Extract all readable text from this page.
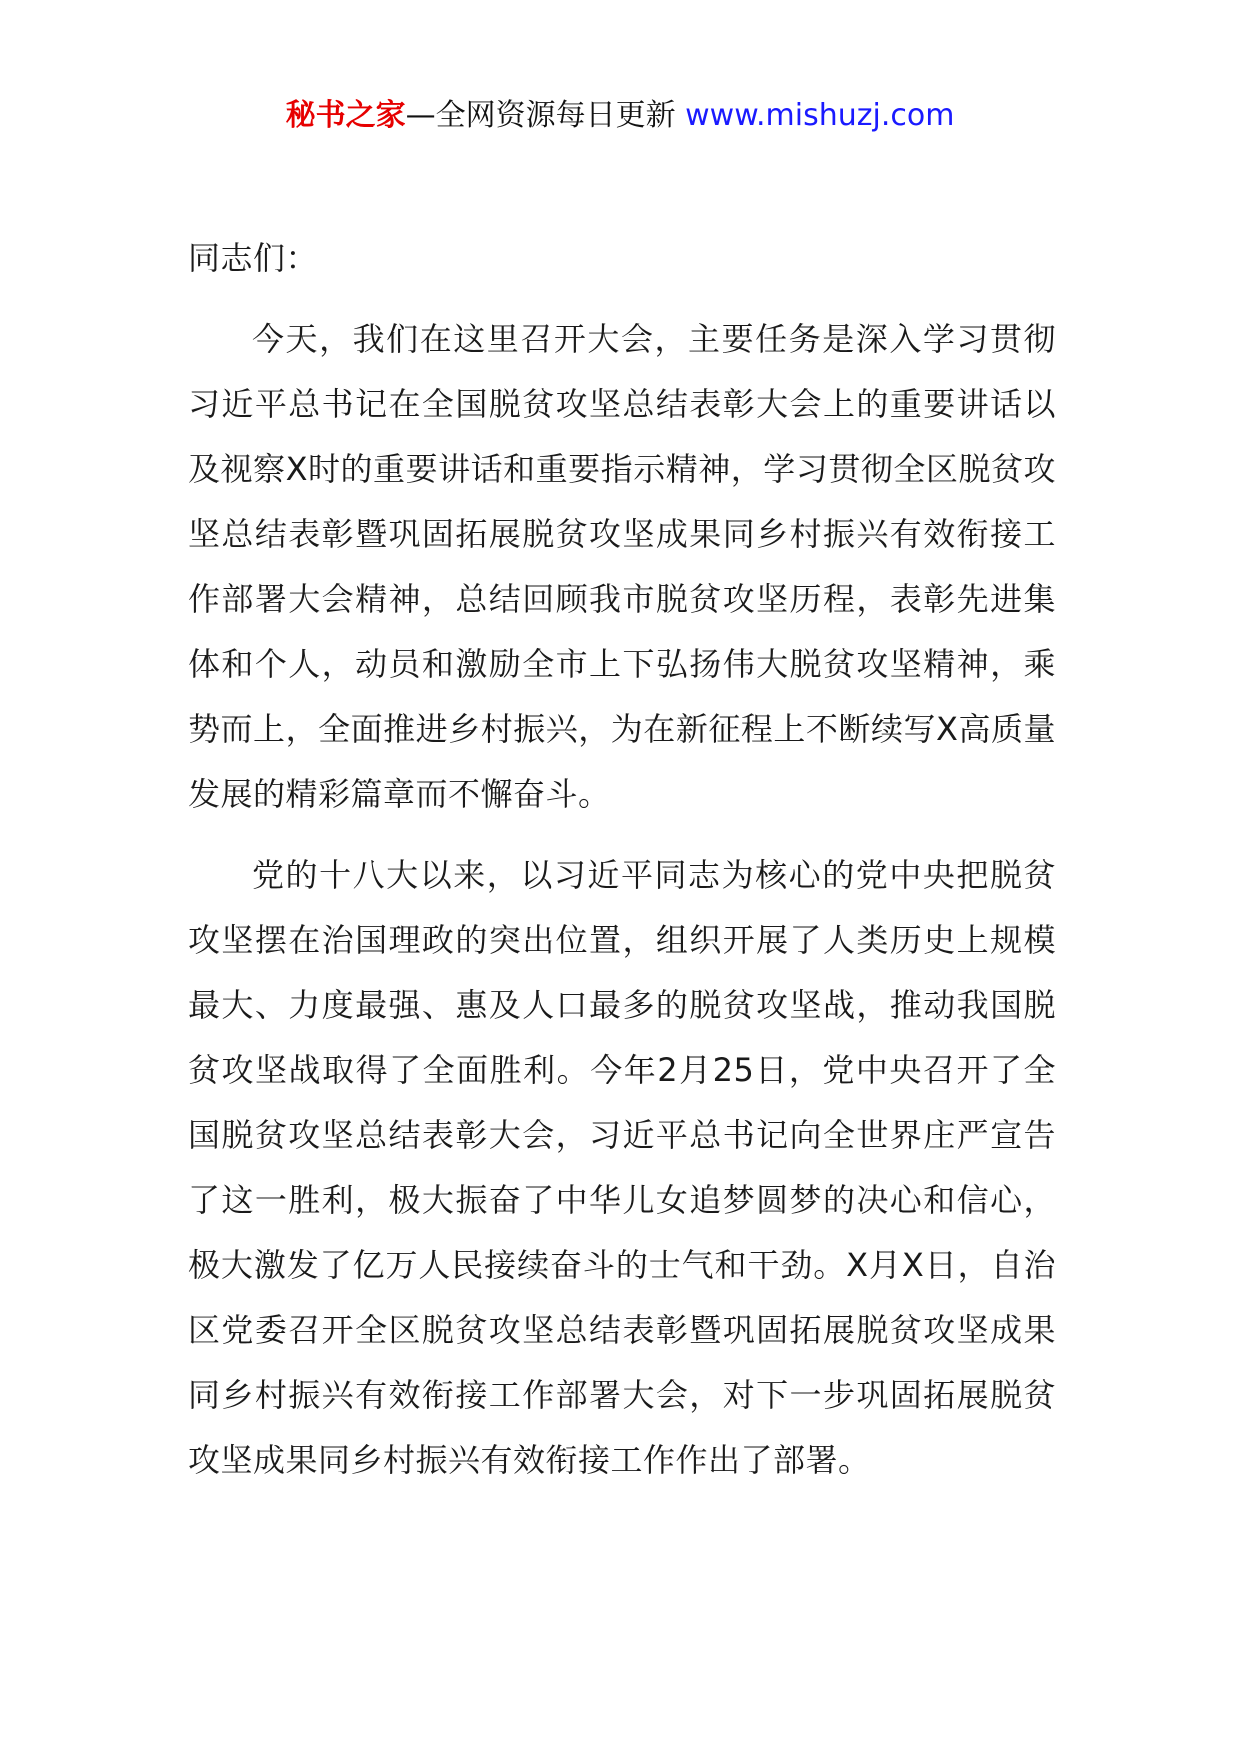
秘书之家—全网资源每日更新 www.mishuzj.com
同志们：

今天，我们在这里召开大会，主要任务是深入学习贯彻习近平总书记在全国脱贫攻坚总结表彰大会上的重要讲话以及视察X时的重要讲话和重要指示精神，学习贯彻全区脱贫攻坚总结表彰暨巩固拓展脱贫攻坚成果同乡村振兴有效衔接工作部署大会精神，总结回顾我市脱贫攻坚历程，表彰先进集体和个人，动员和激励全市上下弘扬伟大脱贫攻坚精神，乘势而上，全面推进乡村振兴，为在新征程上不断续写X高质量发展的精彩篇章而不懈奋斗。

党的十八大以来，以习近平同志为核心的党中央把脱贫攻坚摆在治国理政的突出位置，组织开展了人类历史上规模最大、力度最强、惠及人口最多的脱贫攻坚战，推动我国脱贫攻坚战取得了全面胜利。今年2月25日，党中央召开了全国脱贫攻坚总结表彰大会，习近平总书记向全世界庄严宣告了这一胜利，极大振奋了中华儿女追梦圆梦的决心和信心，极大激发了亿万人民接续奋斗的士气和干劲。X月X日，自治区党委召开全区脱贫攻坚总结表彰暨巩固拓展脱贫攻坚成果同乡村振兴有效衔接工作部署大会，对下一步巩固拓展脱贫攻坚成果同乡村振兴有效衔接工作作出了部署。
